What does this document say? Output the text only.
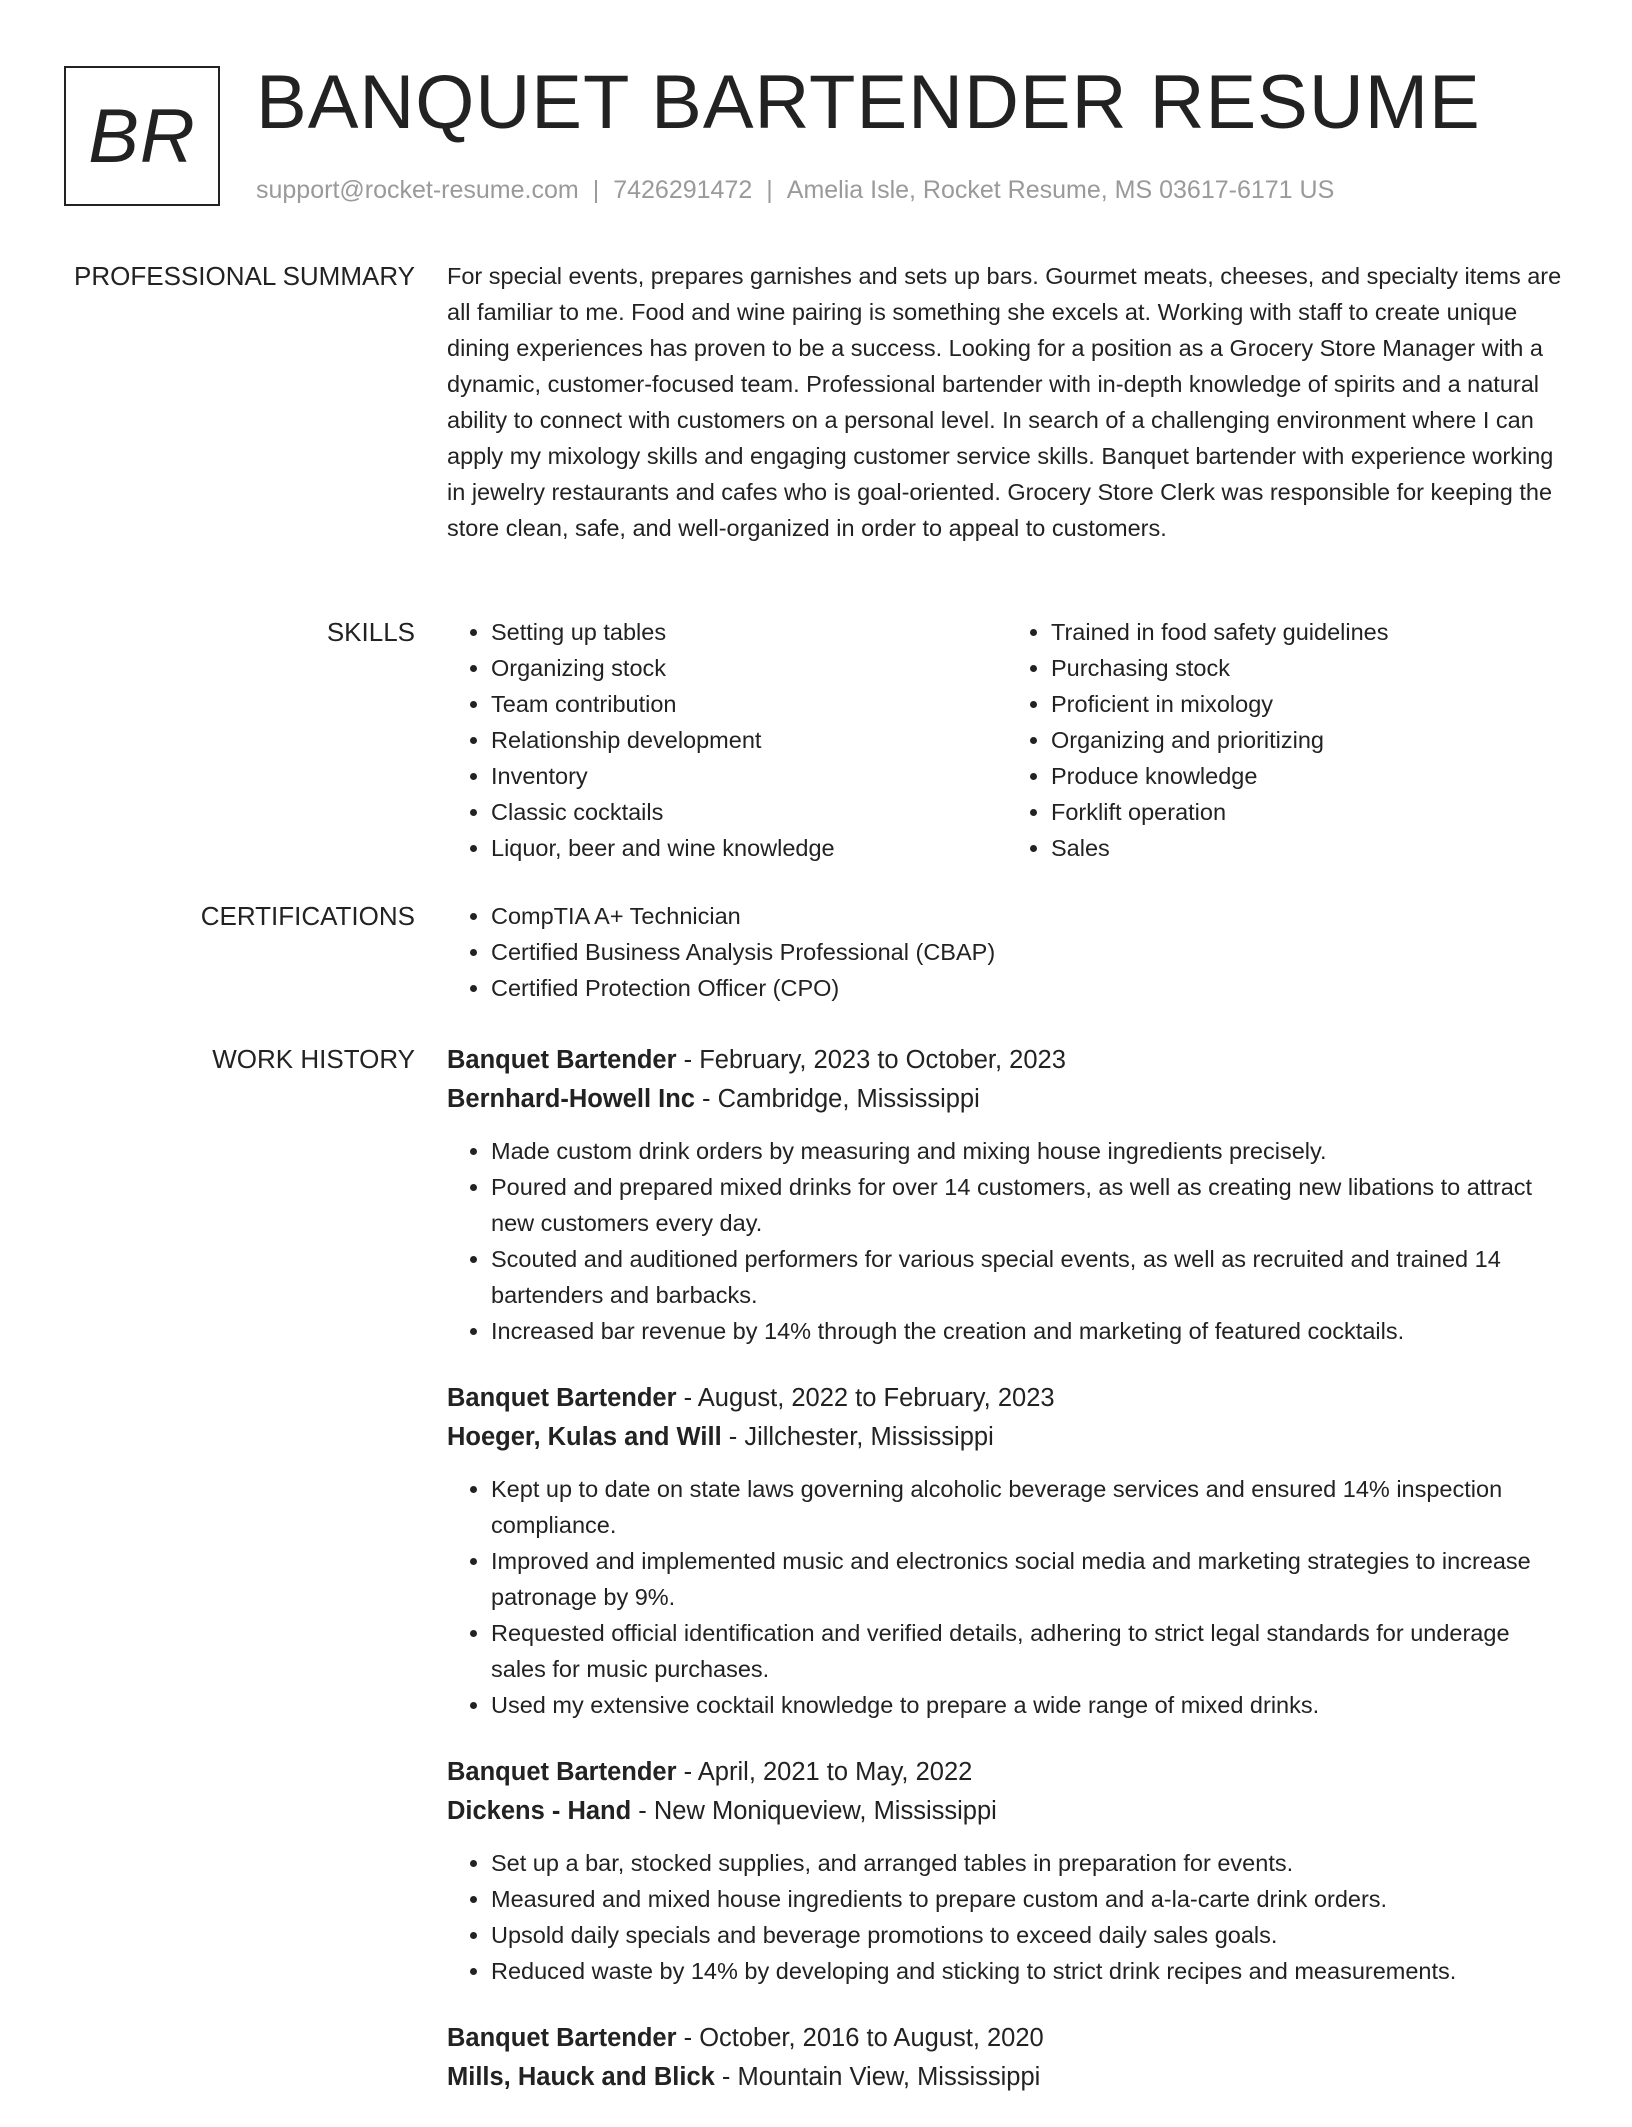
BR BANQUET BARTENDER RESUME
support@rocket-resume.com | 7426291472 | Amelia Isle, Rocket Resume, MS 03617-6171 US
PROFESSIONAL SUMMARY For special events, prepares garnishes and sets up bars. Gourmet meats, cheeses, and specialty items are all familiar to me. Food and wine pairing is something she excels at. Working with staff to create unique dining experiences has proven to be a success. Looking for a position as a Grocery Store Manager with a dynamic, customer-focused team. Professional bartender with in-depth knowledge of spirits and a natural ability to connect with customers on a personal level. In search of a challenging environment where I can apply my mixology skills and engaging customer service skills. Banquet bartender with experience working in jewelry restaurants and cafes who is goal-oriented. Grocery Store Clerk was responsible for keeping the store clean, safe, and well-organized in order to appeal to customers.

SKILLS	• Setting up tables
• Organizing stock
• Team contribution
• Relationship development
• Inventory
• Classic cocktails
• Liquor, beer and wine knowledge
• Trained in food safety guidelines
• Purchasing stock
• Proficient in mixology
• Organizing and prioritizing
• Produce knowledge
• Forklift operation
• Sales
CERTIFICATIONS	• CompTIA A+ Technician
• Certified Business Analysis Professional (CBAP)
• Certified Protection Officer (CPO)
WORK HISTORY Banquet Bartender - February, 2023 to October, 2023
Bernhard-Howell Inc - Cambridge, Mississippi
• Made custom drink orders by measuring and mixing house ingredients precisely.
• Poured and prepared mixed drinks for over 14 customers, as well as creating new libations to attract new customers every day.
• Scouted and auditioned performers for various special events, as well as recruited and trained 14 bartenders and barbacks.
• Increased bar revenue by 14% through the creation and marketing of featured cocktails.
Banquet Bartender - August, 2022 to February, 2023
Hoeger, Kulas and Will - Jillchester, Mississippi
• Kept up to date on state laws governing alcoholic beverage services and ensured 14% inspection compliance.
• Improved and implemented music and electronics social media and marketing strategies to increase patronage by 9%.
• Requested official identification and verified details, adhering to strict legal standards for underage sales for music purchases.
• Used my extensive cocktail knowledge to prepare a wide range of mixed drinks.
Banquet Bartender - April, 2021 to May, 2022
Dickens - Hand - New Moniqueview, Mississippi
• Set up a bar, stocked supplies, and arranged tables in preparation for events.
• Measured and mixed house ingredients to prepare custom and a-la-carte drink orders.
• Upsold daily specials and beverage promotions to exceed daily sales goals.
• Reduced waste by 14% by developing and sticking to strict drink recipes and measurements.
Banquet Bartender - October, 2016 to August, 2020
Mills, Hauck and Blick - Mountain View, Mississippi
